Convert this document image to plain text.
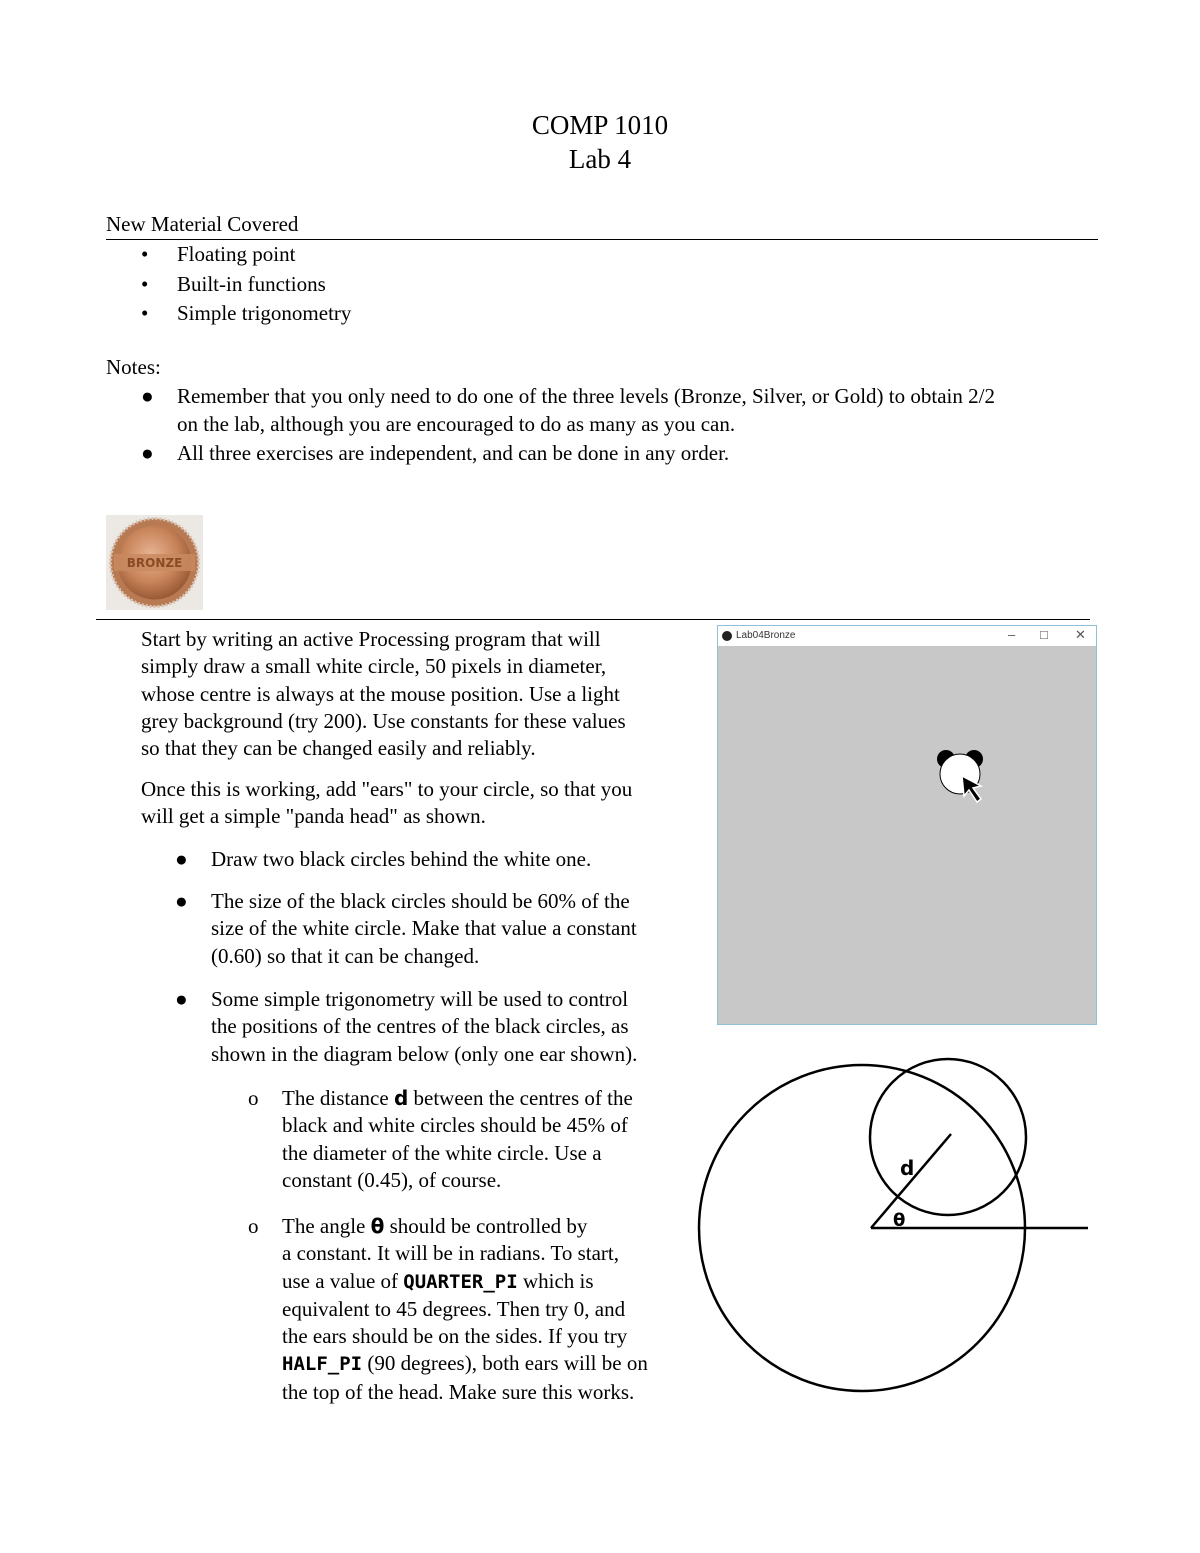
COMP 1010
Lab 4
New Material Covered
• Floating point
• Built-in functions
• Simple trigonometry
Notes:
● Remember that you only need to do one of the three levels (Bronze, Silver, or Gold) to obtain 2/2
on the lab, although you are encouraged to do as many as you can.
● All three exercises are independent, and can be done in any order.
BRONZE
Start by writing an active Processing program that will
simply draw a small white circle, 50 pixels in diameter,
whose centre is always at the mouse position. Use a light
grey background (try 200). Use constants for these values
so that they can be changed easily and reliably.
Once this is working, add "ears" to your circle, so that you
will get a simple "panda head" as shown.
● Draw two black circles behind the white one.
● The size of the black circles should be 60% of the
size of the white circle. Make that value a constant
(0.60) so that it can be changed.
● Some simple trigonometry will be used to control
the positions of the centres of the black circles, as
shown in the diagram below (only one ear shown).
o The distance d between the centres of the
black and white circles should be 45% of
the diameter of the white circle. Use a
constant (0.45), of course.
o The angle θ should be controlled by
a constant. It will be in radians. To start,
use a value of QUARTER_PI which is
equivalent to 45 degrees. Then try 0, and
the ears should be on the sides. If you try
HALF_PI (90 degrees), both ears will be on
the top of the head. Make sure this works.
Lab04Bronze	– □ ✕
d
θ
